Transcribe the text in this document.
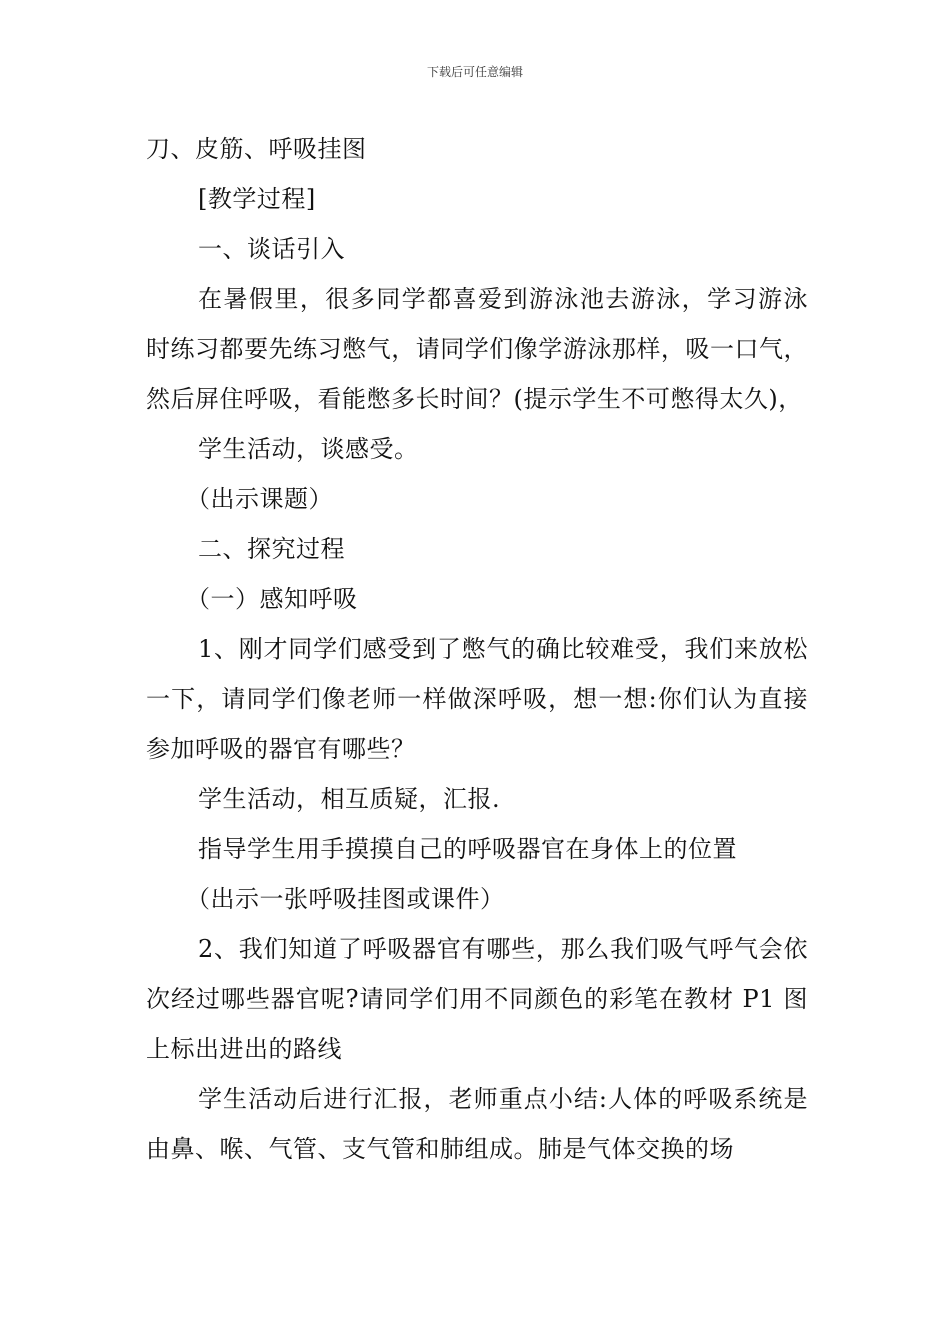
下载后可任意编辑

刀、皮筋、呼吸挂图

[教学过程]

一、谈话引入

在暑假里，很多同学都喜爱到游泳池去游泳，学习游泳时练习都要先练习憋气，请同学们像学游泳那样，吸一口气，然后屏住呼吸，看能憋多长时间？(提示学生不可憋得太久)，

学生活动，谈感受。

（出示课题）

二、探究过程

（一）感知呼吸

1、刚才同学们感受到了憋气的确比较难受，我们来放松一下，请同学们像老师一样做深呼吸，想一想:你们认为直接参加呼吸的器官有哪些？

学生活动，相互质疑，汇报.

指导学生用手摸摸自己的呼吸器官在身体上的位置

（出示一张呼吸挂图或课件）

2、我们知道了呼吸器官有哪些，那么我们吸气呼气会依次经过哪些器官呢?请同学们用不同颜色的彩笔在教材 P1 图上标出进出的路线

学生活动后进行汇报，老师重点小结:人体的呼吸系统是由鼻、喉、气管、支气管和肺组成。肺是气体交换的场
